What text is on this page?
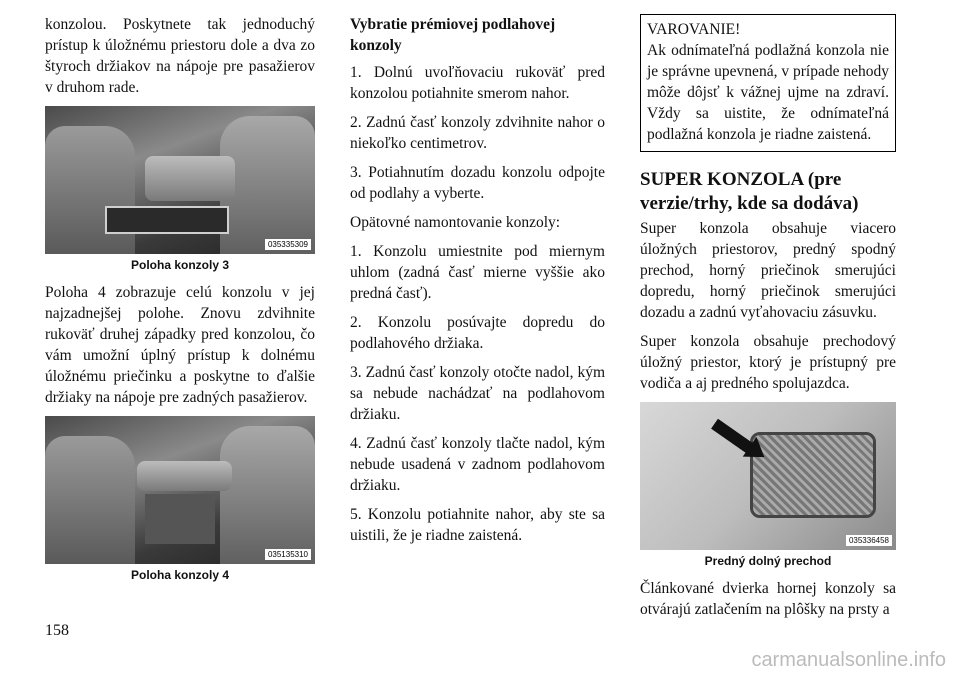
konzolou. Poskytnete tak jednoduchý prístup k úložnému priestoru dole a dva zo štyroch držiakov na nápoje pre pasažierov v druhom rade.

035335309
Poloha konzoly 3

Poloha 4 zobrazuje celú konzolu v jej najzadnejšej polohe. Znovu zdvihnite rukoväť druhej západky pred konzolou, čo vám umožní úplný prístup k dolnému úložnému priečinku a poskytne to ďalšie držiaky na nápoje pre zadných pasažierov.

035135310
Poloha konzoly 4
Vybratie prémiovej podlahovej konzoly

1. Dolnú uvoľňovaciu rukoväť pred konzolou potiahnite smerom nahor.

2. Zadnú časť konzoly zdvihnite nahor o niekoľko centimetrov.

3. Potiahnutím dozadu konzolu odpojte od podlahy a vyberte.

Opätovné namontovanie konzoly:

1. Konzolu umiestnite pod miernym uhlom (zadná časť mierne vyššie ako predná časť).

2. Konzolu posúvajte dopredu do podlahového držiaka.

3. Zadnú časť konzoly otočte nadol, kým sa nebude nachádzať na podlahovom držiaku.

4. Zadnú časť konzoly tlačte nadol, kým nebude usadená v zadnom podlahovom držiaku.

5. Konzolu potiahnite nahor, aby ste sa uistili, že je riadne zaistená.

VAROVANIE!

Ak odnímateľná podlažná konzola nie je správne upevnená, v prípade nehody môže dôjsť k vážnej ujme na zdraví. Vždy sa uistite, že odnímateľná podlažná konzola je riadne zaistená.

SUPER KONZOLA (pre verzie/trhy, kde sa dodáva)

Super konzola obsahuje viacero úložných priestorov, predný spodný prechod, horný priečinok smerujúci dopredu, horný priečinok smerujúci dozadu a zadnú vyťahovaciu zásuvku.

Super konzola obsahuje prechodový úložný priestor, ktorý je prístupný pre vodiča a aj predného spolujazdca.

035336458
Predný dolný prechod

Článkované dvierka hornej konzoly sa otvárajú zatlačením na plôšky na prsty a

158
carmanualsonline.info
